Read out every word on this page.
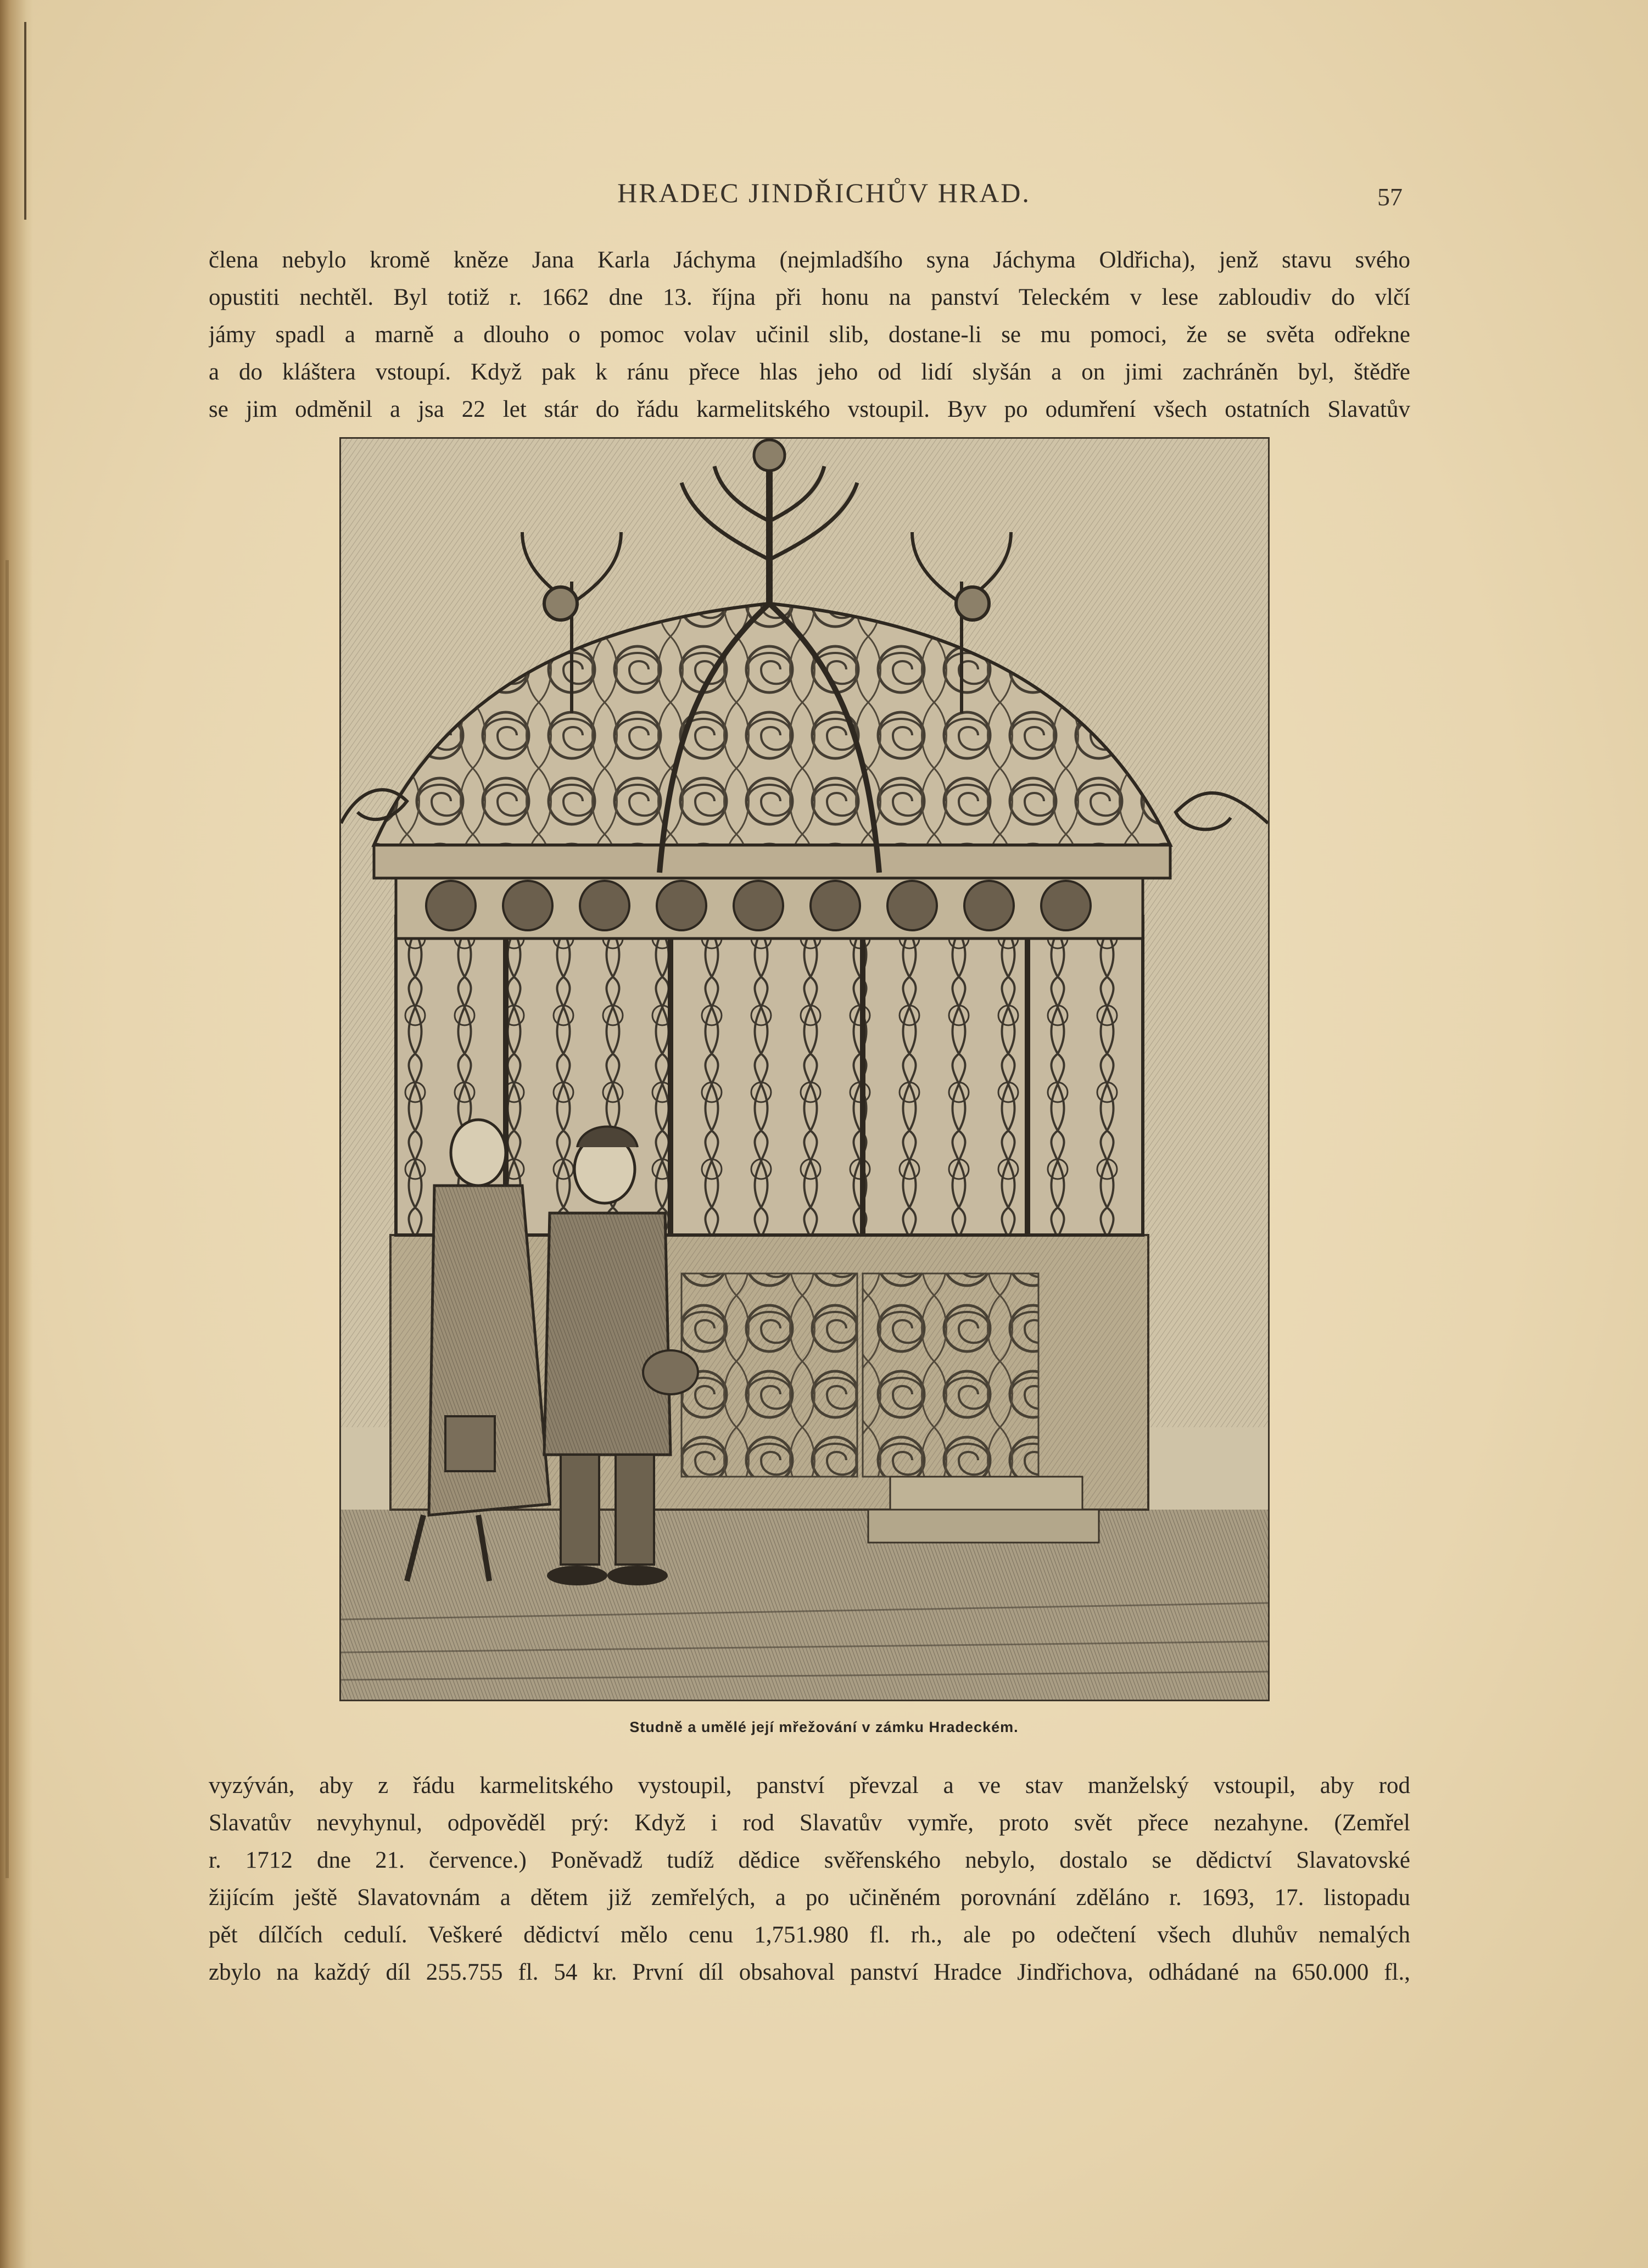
HRADEC JINDŘICHŮV HRAD.	57
člena nebylo kromě kněze Jana Karla Jáchyma (nejmladšího syna Jáchyma Oldřicha), jenž stavu svého
opustiti nechtěl. Byl totiž r. 1662 dne 13. října při honu na panství Teleckém v lese zabloudiv do vlčí
jámy spadl a marně a dlouho o pomoc volav učinil slib, dostane-li se mu pomoci, že se světa odřekne
a do kláštera vstoupí. Když pak k ránu přece hlas jeho od lidí slyšán a on jimi zachráněn byl, štědře
se jim odměnil a jsa 22 let stár do řádu karmelitského vstoupil. Byv po odumření všech ostatních Slavatův
Studně a umělé její mřežování v zámku Hradeckém.
vyzýván, aby z řádu karmelitského vystoupil, panství převzal a ve stav manželský vstoupil, aby rod
Slavatův nevyhynul, odpověděl prý: Když i rod Slavatův vymře, proto svět přece nezahyne. (Zemřel
r. 1712 dne 21. července.) Poněvadž tudíž dědice svěřenského nebylo, dostalo se dědictví Slavatovské
žijícím ještě Slavatovnám a dětem již zemřelých, a po učiněném porovnání zděláno r. 1693, 17. listopadu
pět dílčích cedulí. Veškeré dědictví mělo cenu 1,751.980 fl. rh., ale po odečtení všech dluhův nemalých
zbylo na každý díl 255.755 fl. 54 kr. První díl obsahoval panství Hradce Jindřichova, odhádané na 650.000 fl.,
